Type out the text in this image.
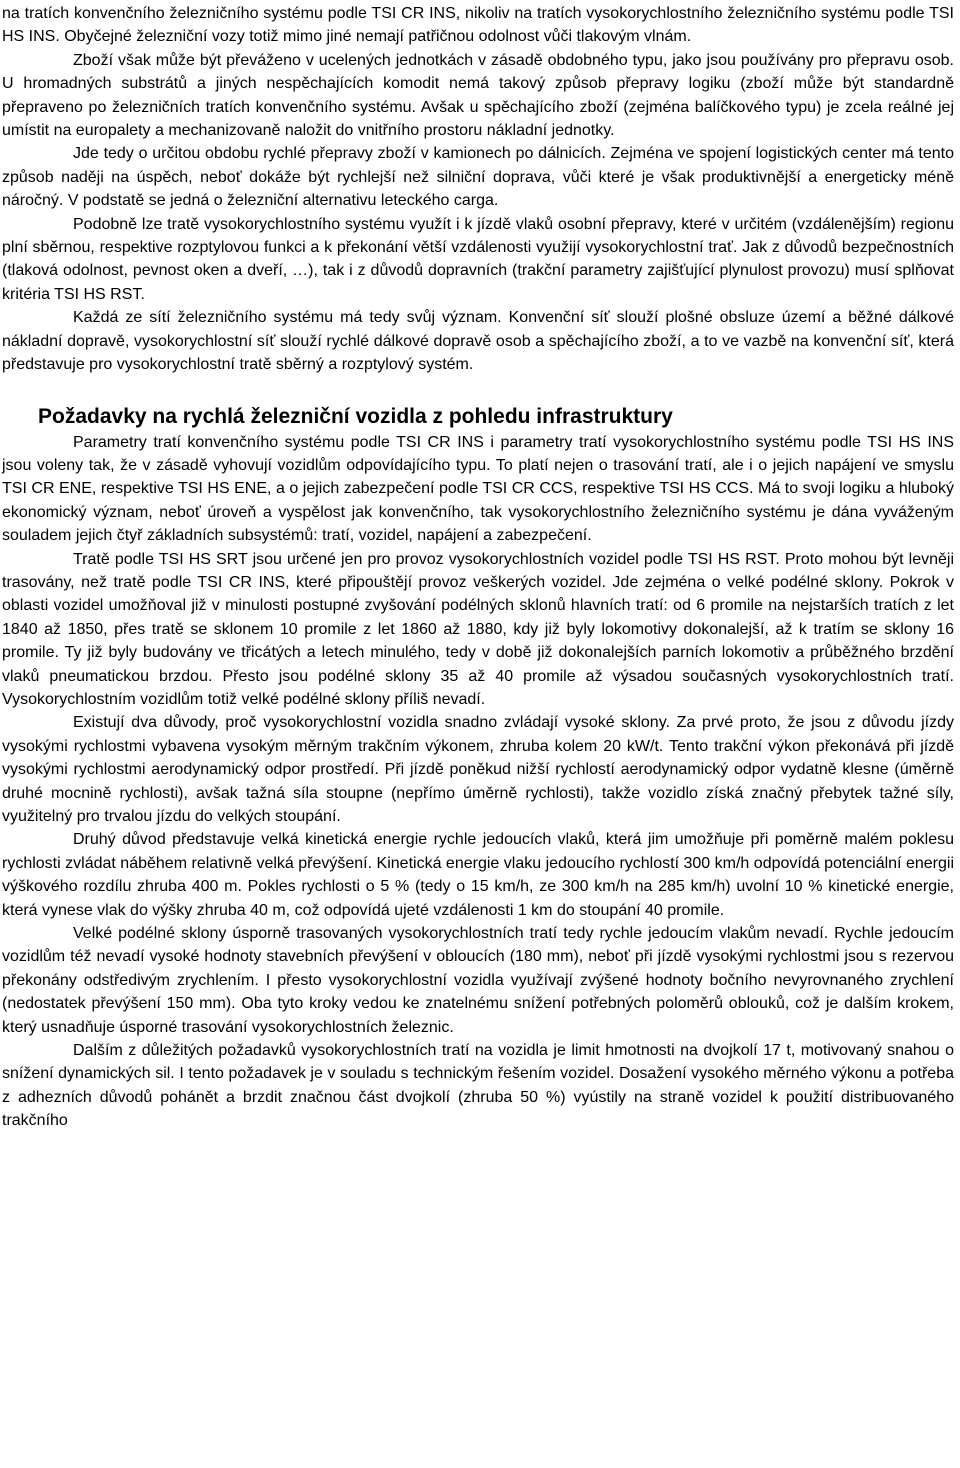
na tratích konvenčního železničního systému podle TSI CR INS, nikoliv na tratích vysokorychlostního železničního systému podle TSI HS INS. Obyčejné železniční vozy totiž mimo jiné nemají patřičnou odolnost vůči tlakovým vlnám.

Zboží však může být převáženo v ucelených jednotkách v zásadě obdobného typu, jako jsou používány pro přepravu osob. U hromadných substrátů a jiných nespěchajících komodit nemá takový způsob přepravy logiku (zboží může být standardně přepraveno po železničních tratích konvenčního systému. Avšak u spěchajícího zboží (zejména balíčkového typu) je zcela reálné jej umístit na europalety a mechanizovaně naložit do vnitřního prostoru nákladní jednotky.

Jde tedy o určitou obdobu rychlé přepravy zboží v kamionech po dálnicích. Zejména ve spojení logistických center má tento způsob naději na úspěch, neboť dokáže být rychlejší než silniční doprava, vůči které je však produktivnější a energeticky méně náročný. V podstatě se jedná o železniční alternativu leteckého carga.

Podobně lze tratě vysokorychlostního systému využít i k jízdě vlaků osobní přepravy, které v určitém (vzdálenějším) regionu plní sběrnou, respektive rozptylovou funkci a k překonání větší vzdálenosti využijí vysokorychlostní trať. Jak z důvodů bezpečnostních (tlaková odolnost, pevnost oken a dveří, …), tak i z důvodů dopravních (trakční parametry zajišťující plynulost provozu) musí splňovat kritéria TSI HS RST.

Každá ze sítí železničního systému má tedy svůj význam. Konvenční síť slouží plošné obsluze území a běžné dálkové nákladní dopravě, vysokorychlostní síť slouží rychlé dálkové dopravě osob a spěchajícího zboží, a to ve vazbě na konvenční síť, která představuje pro vysokorychlostní tratě sběrný a rozptylový systém.

Požadavky na rychlá železniční vozidla z pohledu infrastruktury

Parametry tratí konvenčního systému podle TSI CR INS i parametry tratí vysokorychlostního systému podle TSI HS INS jsou voleny tak, že v zásadě vyhovují vozidlům odpovídajícího typu. To platí nejen o trasování tratí, ale i o jejich napájení ve smyslu TSI CR ENE, respektive TSI HS ENE, a o jejich zabezpečení podle TSI CR CCS, respektive TSI HS CCS. Má to svoji logiku a hluboký ekonomický význam, neboť úroveň a vyspělost jak konvenčního, tak vysokorychlostního železničního systému je dána vyváženým souladem jejich čtyř základních subsystémů: tratí, vozidel, napájení a zabezpečení.

Tratě podle TSI HS SRT jsou určené jen pro provoz vysokorychlostních vozidel podle TSI HS RST. Proto mohou být levněji trasovány, než tratě podle TSI CR INS, které připouštějí provoz veškerých vozidel. Jde zejména o velké podélné sklony. Pokrok v oblasti vozidel umožňoval již v minulosti postupné zvyšování podélných sklonů hlavních tratí: od 6 promile na nejstarších tratích z let 1840 až 1850, přes tratě se sklonem 10 promile z let 1860 až 1880, kdy již byly lokomotivy dokonalejší, až k tratím se sklony 16 promile. Ty již byly budovány ve třicátých a letech minulého, tedy v době již dokonalejších parních lokomotiv a průběžného brzdění vlaků pneumatickou brzdou. Přesto jsou podélné sklony 35 až 40 promile až výsadou současných vysokorychlostních tratí. Vysokorychlostním vozidlům totiž velké podélné sklony příliš nevadí.

Existují dva důvody, proč vysokorychlostní vozidla snadno zvládají vysoké sklony. Za prvé proto, že jsou z důvodu jízdy vysokými rychlostmi vybavena vysokým měrným trakčním výkonem, zhruba kolem 20 kW/t. Tento trakční výkon překonává při jízdě vysokými rychlostmi aerodynamický odpor prostředí. Při jízdě poněkud nižší rychlostí aerodynamický odpor vydatně klesne (úměrně druhé mocnině rychlosti), avšak tažná síla stoupne (nepřímo úměrně rychlosti), takže vozidlo získá značný přebytek tažné síly, využitelný pro trvalou jízdu do velkých stoupání.

Druhý důvod představuje velká kinetická energie rychle jedoucích vlaků, která jim umožňuje při poměrně malém poklesu rychlosti zvládat náběhem relativně velká převýšení. Kinetická energie vlaku jedoucího rychlostí 300 km/h odpovídá potenciální energii výškového rozdílu zhruba 400 m. Pokles rychlosti o 5 % (tedy o 15 km/h, ze 300 km/h na 285 km/h) uvolní 10 % kinetické energie, která vynese vlak do výšky zhruba 40 m, což odpovídá ujeté vzdálenosti 1 km do stoupání 40 promile.

Velké podélné sklony úsporně trasovaných vysokorychlostních tratí tedy rychle jedoucím vlakům nevadí. Rychle jedoucím vozidlům též nevadí vysoké hodnoty stavebních převýšení v obloucích (180 mm), neboť při jízdě vysokými rychlostmi jsou s rezervou překonány odstředivým zrychlením. I přesto vysokorychlostní vozidla využívají zvýšené hodnoty bočního nevyrovnaného zrychlení (nedostatek převýšení 150 mm). Oba tyto kroky vedou ke znatelnému snížení potřebných poloměrů oblouků, což je dalším krokem, který usnadňuje úsporné trasování vysokorychlostních železnic.

Dalším z důležitých požadavků vysokorychlostních tratí na vozidla je limit hmotnosti na dvojkolí 17 t, motivovaný snahou o snížení dynamických sil. I tento požadavek je v souladu s technickým řešením vozidel. Dosažení vysokého měrného výkonu a potřeba z adhezních důvodů pohánět a brzdit značnou část dvojkolí (zhruba 50 %) vyústily na straně vozidel k použití distribuovaného trakčního
